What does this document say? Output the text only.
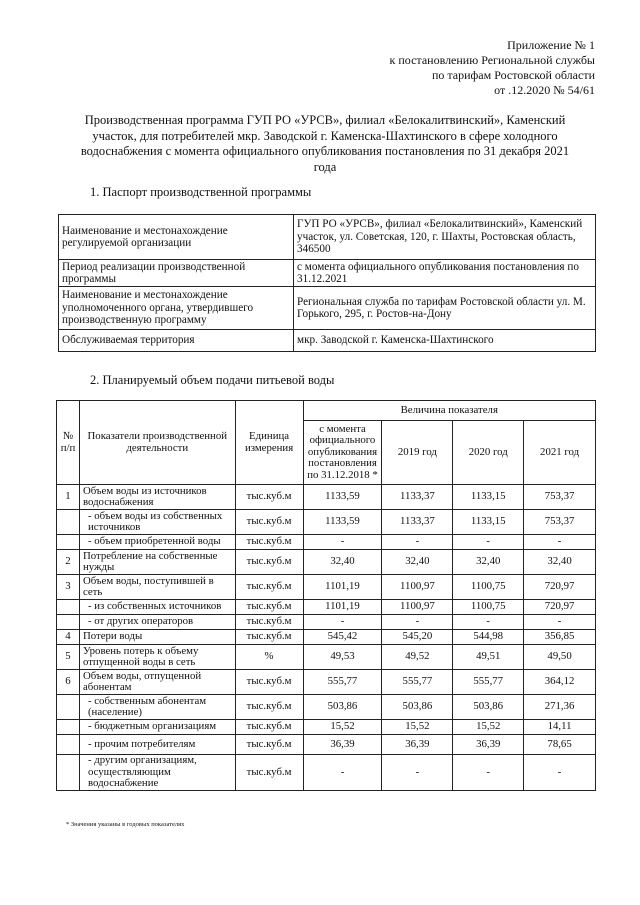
Приложение № 1
к постановлению Региональной службы
по тарифам Ростовской области
от .12.2020 № 54/61
Производственная программа ГУП РО «УРСВ», филиал «Белокалитвинский», Каменский
участок, для потребителей мкр. Заводской г. Каменска-Шахтинского в сфере холодного
водоснабжения с момента официального опубликования постановления по 31 декабря 2021
года
1. Паспорт производственной программы
Наименование и местонахождение регулируемой организации	ГУП РО «УРСВ», филиал «Белокалитвинский», Каменский участок, ул. Советская, 120, г. Шахты, Ростовская область, 346500
Период реализации производственной программы	с момента официального опубликования постановления по 31.12.2021
Наименование и местонахождение уполномоченного органа, утвердившего производственную программу	Региональная служба по тарифам Ростовской области ул. М. Горького, 295, г. Ростов-на-Дону
Обслуживаемая территория	мкр. Заводской г. Каменска-Шахтинского
2. Планируемый объем подачи питьевой воды
№ п/п	Показатели производственной деятельности	Единица измерения	Величина показателя			
			с момента официального опубликования постановления по 31.12.2018 *	2019 год	2020 год	2021 год
1	Объем воды из источников водоснабжения	тыс.куб.м	1133,59	1133,37	1133,15	753,37
	- объем воды из собственных источников	тыс.куб.м	1133,59	1133,37	1133,15	753,37
	- объем приобретенной воды	тыс.куб.м	-	-	-	-
2	Потребление на собственные нужды	тыс.куб.м	32,40	32,40	32,40	32,40
3	Объем воды, поступившей в сеть	тыс.куб.м	1101,19	1100,97	1100,75	720,97
	- из собственных источников	тыс.куб.м	1101,19	1100,97	1100,75	720,97
	- от других операторов	тыс.куб.м	-	-	-	-
4	Потери воды	тыс.куб.м	545,42	545,20	544,98	356,85
5	Уровень потерь к объему отпущенной воды в сеть	%	49,53	49,52	49,51	49,50
6	Объем воды, отпущенной абонентам	тыс.куб.м	555,77	555,77	555,77	364,12
	- собственным абонентам (население)	тыс.куб.м	503,86	503,86	503,86	271,36
	- бюджетным организациям	тыс.куб.м	15,52	15,52	15,52	14,11
	- прочим потребителям	тыс.куб.м	36,39	36,39	36,39	78,65
	- другим организациям, осуществляющим водоснабжение	тыс.куб.м	-	-	-	-
* Значения указаны в годовых показателях
